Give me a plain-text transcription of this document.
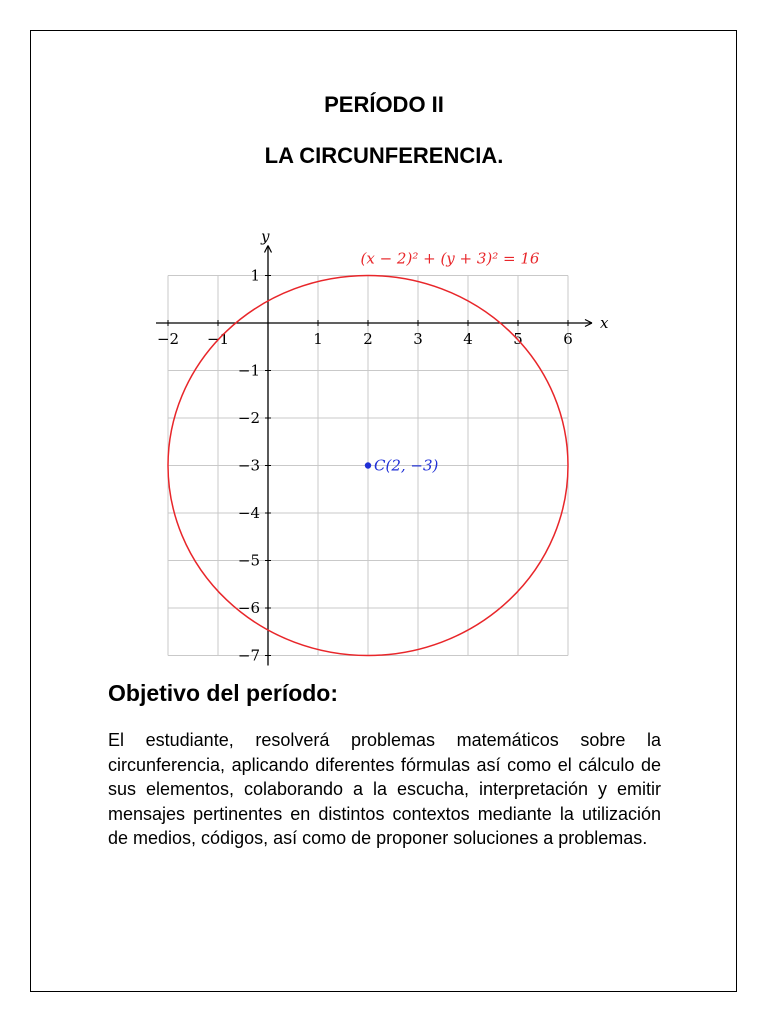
PERÍODO II
LA CIRCUNFERENCIA.
x
y
−2 −1	1	2	3	4	5	6
1
−1
−2
−3
−4
−5
−6
−7
(x − 2)² + (y + 3)² = 16
C(2, −3)
Objetivo del período:
El estudiante, resolverá problemas matemáticos sobre la circunferencia, aplicando diferentes fórmulas así como el cálculo de sus elementos, colaborando a la escucha, interpretación y emitir mensajes pertinentes en distintos contextos mediante la utilización de medios, códigos, así como de proponer soluciones a problemas.
